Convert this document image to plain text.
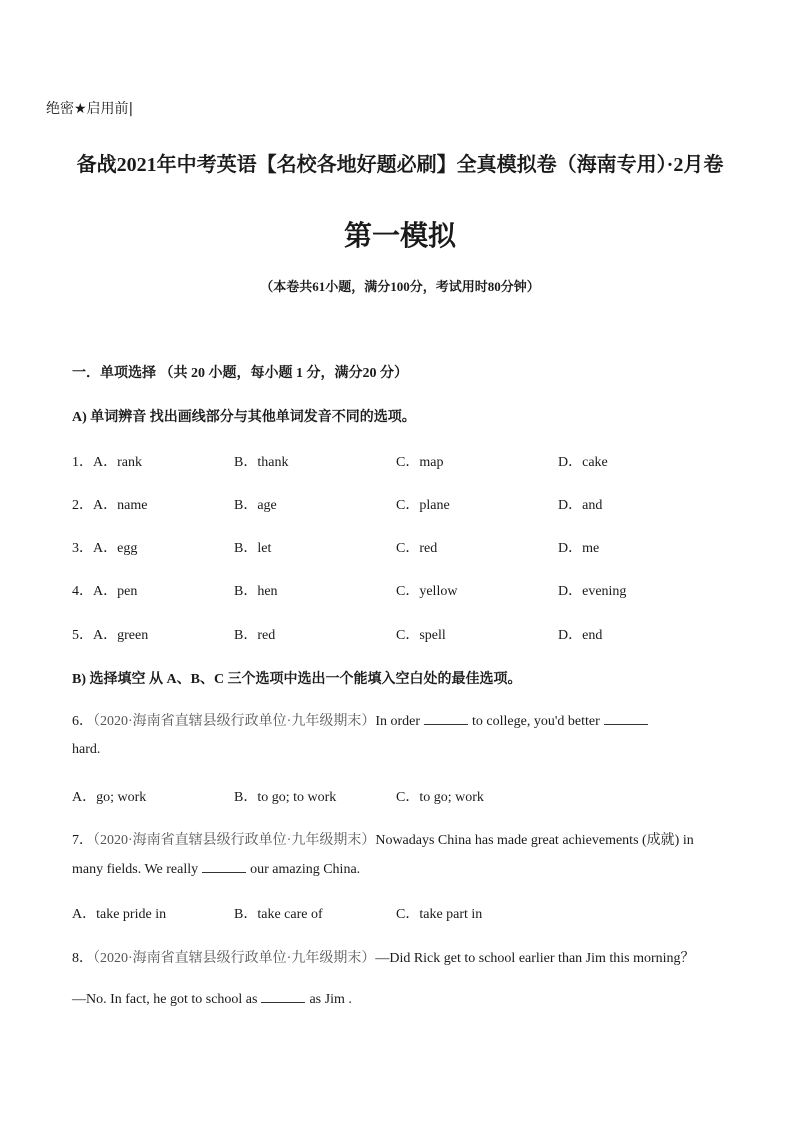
绝密★启用前|
备战2021年中考英语【名校各地好题必刷】全真模拟卷（海南专用）·2月卷
第一模拟
（本卷共61小题，满分100分，考试用时80分钟）
一．单项选择 （共 20 小题，每小题 1 分，满分20 分）
A) 单词辨音 找出画线部分与其他单词发音不同的选项。
1．A．rank	B．thank	C．map	D．cake
2．A．name	B．age	C．plane	D．and
3．A．egg	B．let	C．red	D．me
4．A．pen	B．hen	C．yellow	D．evening
5．A．green	B．red	C．spell	D．end
B) 选择填空 从 A、B、C 三个选项中选出一个能填入空白处的最佳选项。
6．（2020·海南省直辖县级行政单位·九年级期末）In order	to college, you'd better
hard.
A．go; work	B．to go; to work	C．to go; work
7．（2020·海南省直辖县级行政单位·九年级期末）Nowadays China has made great achievements (成就) in
many fields. We really	our amazing China.
A．take pride in	B．take care of	C．take part in
8．（2020·海南省直辖县级行政单位·九年级期末）—Did Rick get to school earlier than Jim this morning？
—No. In fact, he got to school as	as Jim .
